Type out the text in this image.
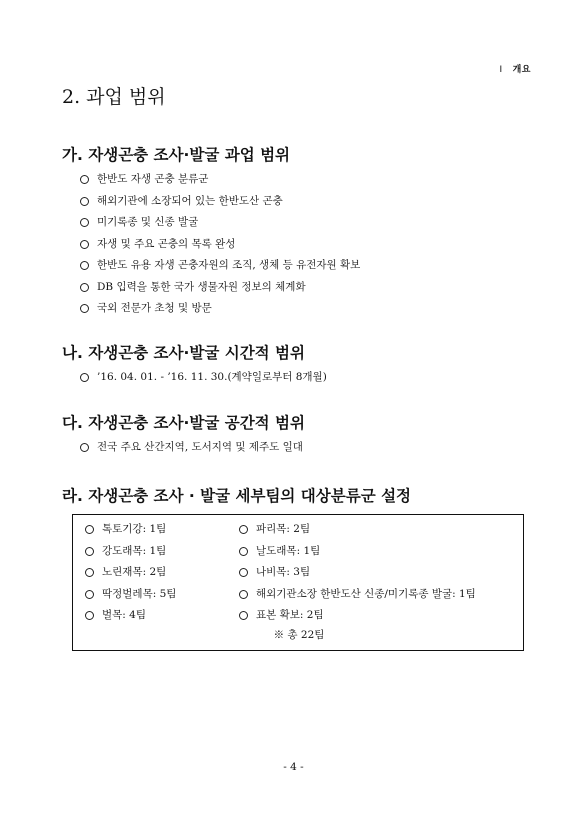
Ⅰ 개요
2. 과업 범위
가. 자생곤충 조사·발굴 과업 범위
한반도 자생 곤충 분류군
해외기관에 소장되어 있는 한반도산 곤충
미기록종 및 신종 발굴
자생 및 주요 곤충의 목록 완성
한반도 유용 자생 곤충자원의 조직, 생체 등 유전자원 확보
DB 입력을 통한 국가 생물자원 정보의 체계화
국외 전문가 초청 및 방문
나. 자생곤충 조사·발굴 시간적 범위
’16. 04. 01. - ’16. 11. 30.(계약일로부터 8개월)
다. 자생곤충 조사·발굴 공간적 범위
전국 주요 산간지역, 도서지역 및 제주도 일대
라. 자생곤충 조사 · 발굴 세부팀의 대상분류군 설정
톡토기강: 1팀
강도래목: 1팀
노린재목: 2팀
딱정벌레목: 5팀
벌목: 4팀
파리목: 2팀
날도래목: 1팀
나비목: 3팀
해외기관소장 한반도산 신종/미기록종 발굴: 1팀
표본 확보: 2팀
※ 총 22팀
- 4 -
